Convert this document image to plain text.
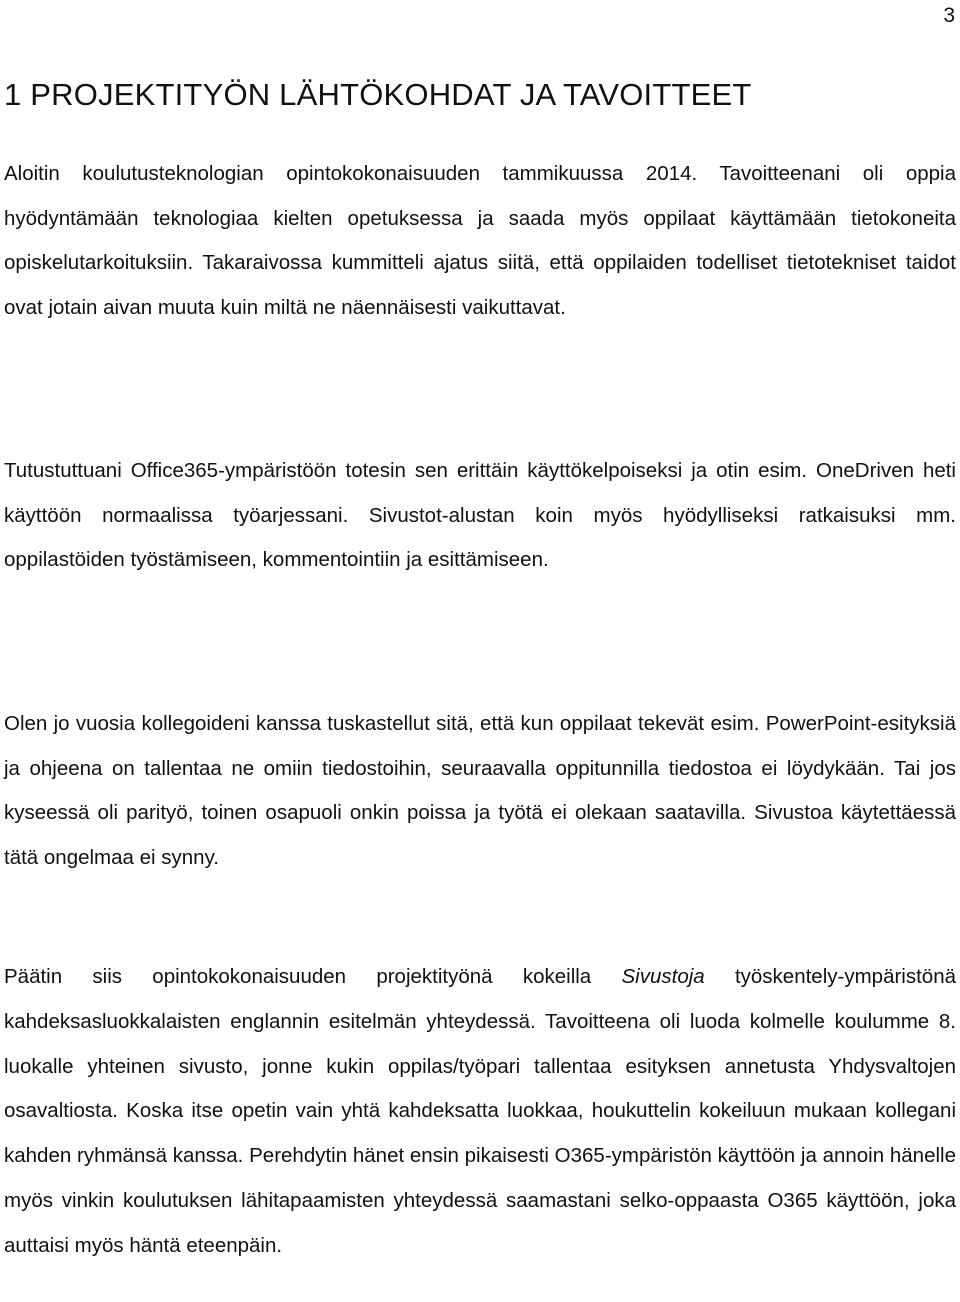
3
1 PROJEKTITYÖN LÄHTÖKOHDAT JA TAVOITTEET

Aloitin koulutusteknologian opintokokonaisuuden tammikuussa 2014. Tavoitteenani oli oppia hyödyntämään teknologiaa kielten opetuksessa ja saada myös oppilaat käyttämään tietokoneita opiskelutarkoituksiin. Takaraivossa kummitteli ajatus siitä, että oppilaiden todelliset tietotekniset taidot ovat jotain aivan muuta kuin miltä ne näennäisesti vaikuttavat.

Tutustuttuani Office365-ympäristöön totesin sen erittäin käyttökelpoiseksi ja otin esim. OneDriven heti käyttöön normaalissa työarjessani. Sivustot-alustan koin myös hyödylliseksi ratkaisuksi mm. oppilastöiden työstämiseen, kommentointiin ja esittämiseen.

Olen jo vuosia kollegoideni kanssa tuskastellut sitä, että kun oppilaat tekevät esim. PowerPoint-esityksiä ja ohjeena on tallentaa ne omiin tiedostoihin, seuraavalla oppitunnilla tiedostoa ei löydykään. Tai jos kyseessä oli parityö, toinen osapuoli onkin poissa ja työtä ei olekaan saatavilla. Sivustoa käytettäessä tätä ongelmaa ei synny.

Päätin siis opintokokonaisuuden projektityönä kokeilla Sivustoja työskentely-ympäristönä kahdeksasluokkalaisten englannin esitelmän yhteydessä. Tavoitteena oli luoda kolmelle koulumme 8. luokalle yhteinen sivusto, jonne kukin oppilas/työpari tallentaa esityksen annetusta Yhdysvaltojen osavaltiosta. Koska itse opetin vain yhtä kahdeksatta luokkaa, houkuttelin kokeiluun mukaan kollegani kahden ryhmänsä kanssa. Perehdytin hänet ensin pikaisesti O365-ympäristön käyttöön ja annoin hänelle myös vinkin koulutuksen lähitapaamisten yhteydessä saamastani selko-oppaasta O365 käyttöön, joka auttaisi myös häntä eteenpäin.
